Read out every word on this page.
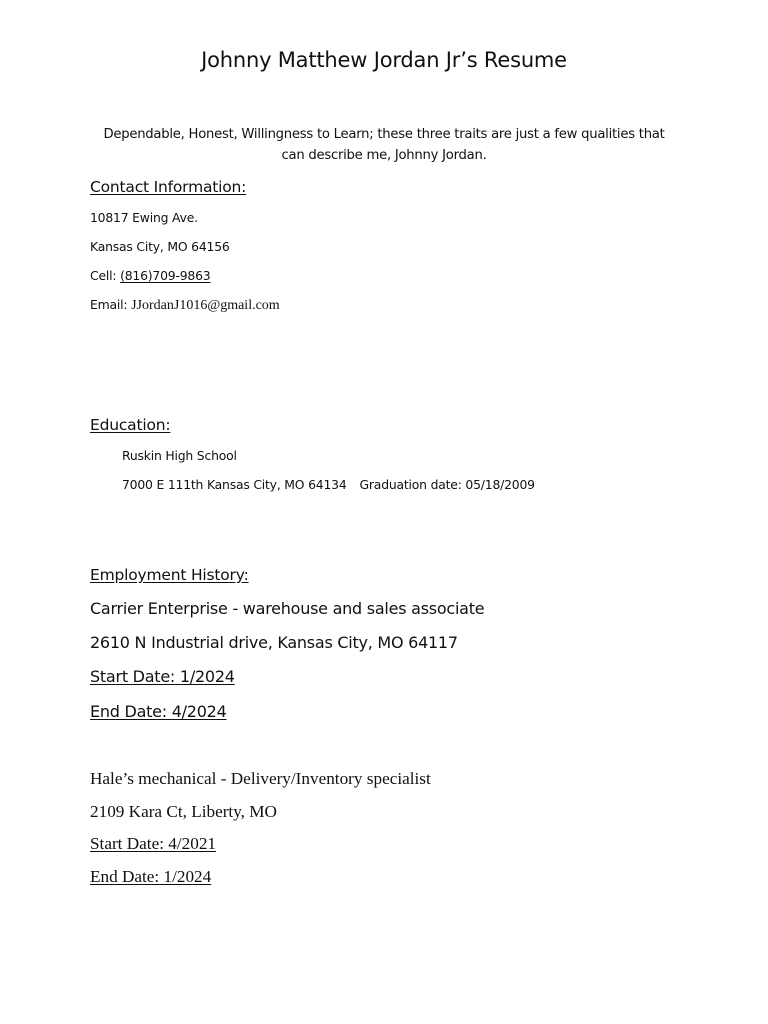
Johnny Matthew Jordan Jr’s Resume
Dependable, Honest, Willingness to Learn; these three traits are just a few qualities that can describe me, Johnny Jordan.
Contact Information:
10817 Ewing Ave.
Kansas City, MO 64156
Cell: (816)709-9863
Email: JJordanJ1016@gmail.com
Education:
Ruskin High School
7000 E 111th Kansas City, MO 64134 Graduation date: 05/18/2009
Employment History:
Carrier Enterprise - warehouse and sales associate
2610 N Industrial drive, Kansas City, MO 64117
Start Date: 1/2024
End Date: 4/2024
Hale’s mechanical - Delivery/Inventory specialist
2109 Kara Ct, Liberty, MO
Start Date: 4/2021
End Date: 1/2024
